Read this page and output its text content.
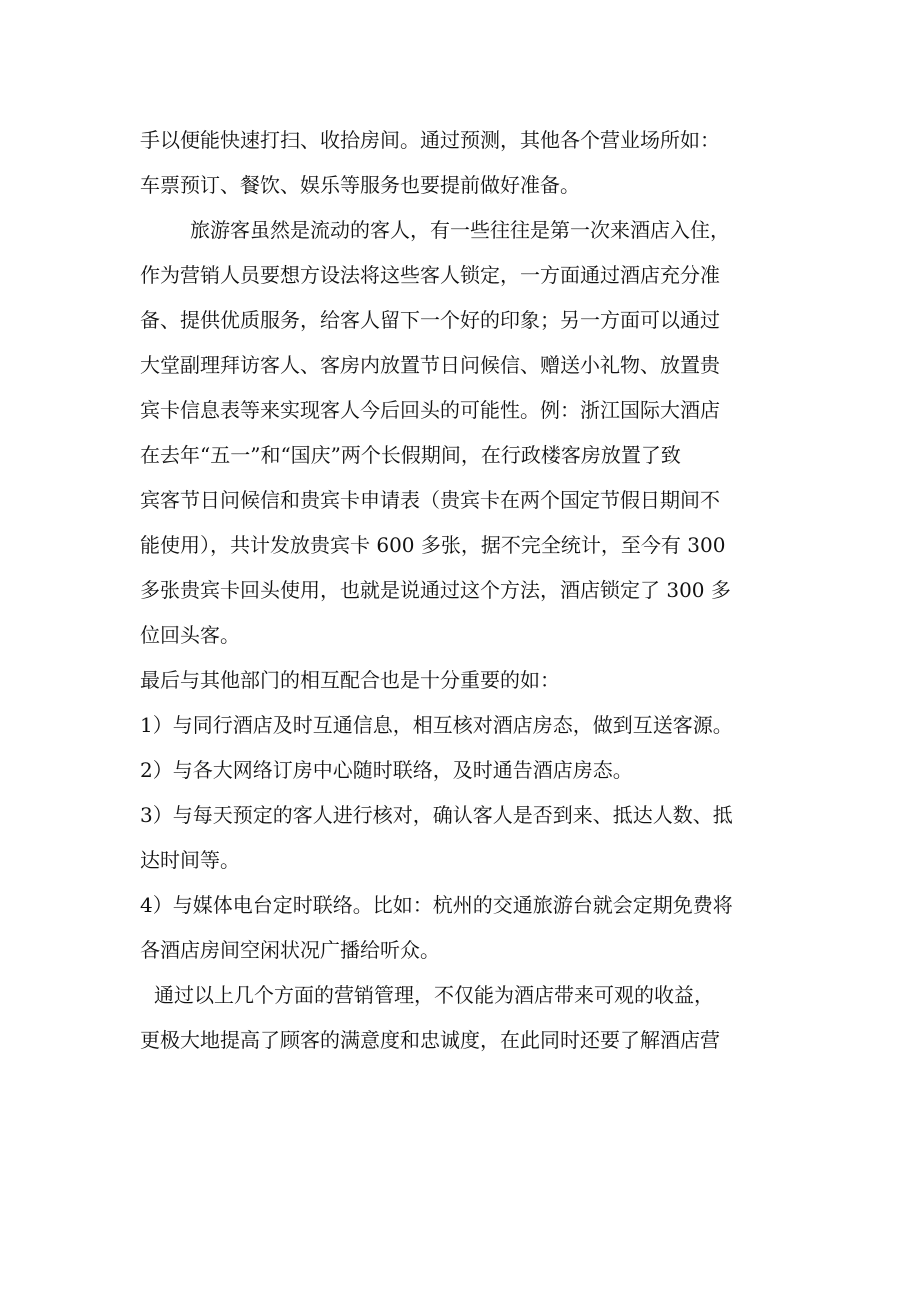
手以便能快速打扫、收拾房间。通过预测，其他各个营业场所如：
车票预订、餐饮、娱乐等服务也要提前做好准备。
旅游客虽然是流动的客人，有一些往往是第一次来酒店入住，
作为营销人员要想方设法将这些客人锁定，一方面通过酒店充分准
备、提供优质服务，给客人留下一个好的印象；另一方面可以通过
大堂副理拜访客人、客房内放置节日问候信、赠送小礼物、放置贵
宾卡信息表等来实现客人今后回头的可能性。例：浙江国际大酒店
在去年“五一”和“国庆”两个长假期间，在行政楼客房放置了致
宾客节日问候信和贵宾卡申请表（贵宾卡在两个国定节假日期间不
能使用），共计发放贵宾卡 600 多张，据不完全统计，至今有 300
多张贵宾卡回头使用，也就是说通过这个方法，酒店锁定了 300 多
位回头客。
最后与其他部门的相互配合也是十分重要的如：
1）与同行酒店及时互通信息，相互核对酒店房态，做到互送客源。
2）与各大网络订房中心随时联络，及时通告酒店房态。
3）与每天预定的客人进行核对，确认客人是否到来、抵达人数、抵
达时间等。
4）与媒体电台定时联络。比如：杭州的交通旅游台就会定期免费将
各酒店房间空闲状况广播给听众。
通过以上几个方面的营销管理，不仅能为酒店带来可观的收益，
更极大地提高了顾客的满意度和忠诚度，在此同时还要了解酒店营
